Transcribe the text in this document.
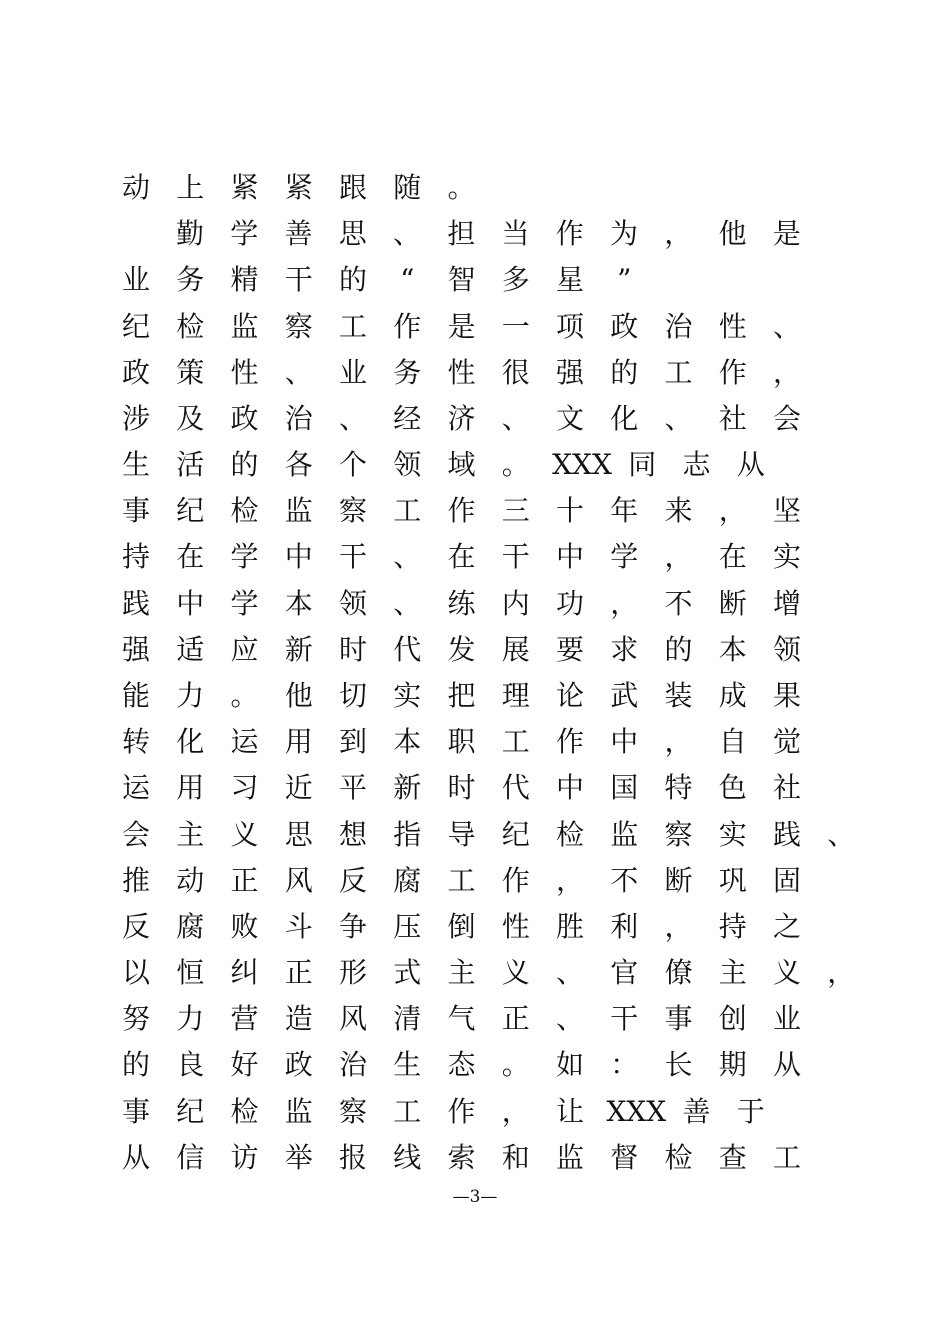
动 上 紧 紧 跟 随 。
勤 学 善 思 、 担 当 作 为 ， 他 是
业 务 精 干 的	“	智 多 星	”
纪 检 监 察 工 作 是 一 项 政 治 性 、
政 策 性 、 业 务 性 很 强 的 工 作 ，
涉 及 政 治 、 经 济 、 文 化 、 社 会
生 活 的 各 个 领 域 。 XXX 同 志 从
事 纪 检 监 察 工 作 三 十 年 来 ， 坚
持 在 学 中 干 、 在 干 中 学 ， 在 实
践 中 学 本 领 、 练 内 功 ， 不 断 增
强 适 应 新 时 代 发 展 要 求 的 本 领
能 力 。 他 切 实 把 理 论 武 装 成 果
转 化 运 用 到 本 职 工 作 中 ， 自 觉
运 用 习 近 平 新 时 代 中 国 特 色 社
会 主 义 思 想 指 导 纪 检 监 察 实 践 、
推 动 正 风 反 腐 工 作 ， 不 断 巩 固
反 腐 败 斗 争 压 倒 性 胜 利 ， 持 之
以 恒 纠 正 形 式 主 义 、 官 僚 主 义 ，
努 力 营 造 风 清 气 正 、 干 事 创 业
的 良 好 政 治 生 态 。 如 ： 长 期 从
事 纪 检 监 察 工 作 ， 让 XXX 善 于
从 信 访 举 报 线 索 和 监 督 检 查 工
—3—
